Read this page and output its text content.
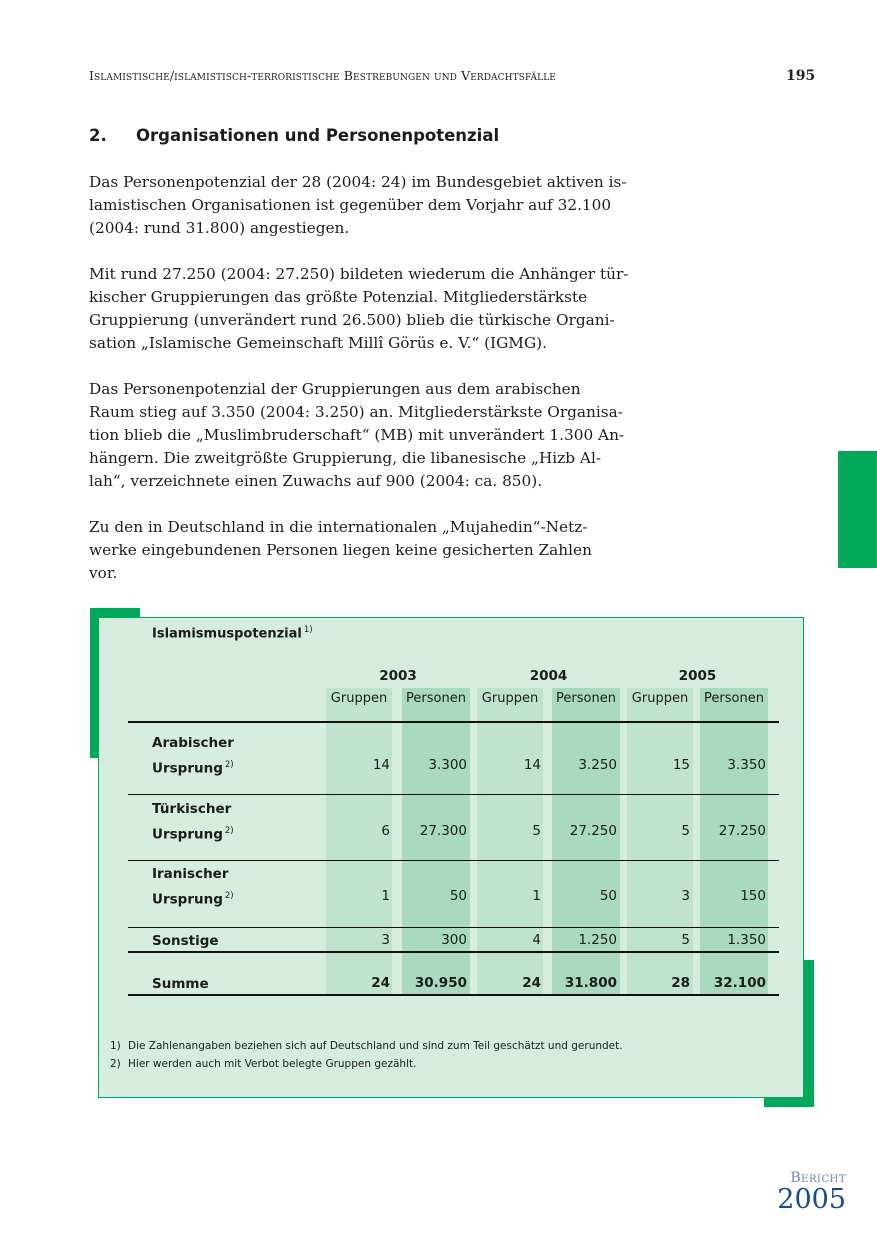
Islamistische/islamistisch-terroristische Bestrebungen und Verdachtsfälle	195
2. Organisationen und Personenpotenzial

Das Personenpotenzial der 28 (2004: 24) im Bundesgebiet aktiven is-
lamistischen Organisationen ist gegenüber dem Vorjahr auf 32.100
(2004: rund 31.800) angestiegen.

Mit rund 27.250 (2004: 27.250) bildeten wiederum die Anhänger tür-
kischer Gruppierungen das größte Potenzial. Mitgliederstärkste
Gruppierung (unverändert rund 26.500) blieb die türkische Organi-
sation „Islamische Gemeinschaft Millî Görüs e. V.“ (IGMG).

Das Personenpotenzial der Gruppierungen aus dem arabischen
Raum stieg auf 3.350 (2004: 3.250) an. Mitgliederstärkste Organisa-
tion blieb die „Muslimbruderschaft“ (MB) mit unverändert 1.300 An-
hängern. Die zweitgrößte Gruppierung, die libanesische „Hizb Al-
lah“, verzeichnete einen Zuwachs auf 900 (2004: ca. 850).

Zu den in Deutschland in die internationalen „Mujahedin“-Netz-
werke eingebundenen Personen liegen keine gesicherten Zahlen
vor.

Islamismuspotenzial $^{1)}$
2003	2004	2005
Gruppen	Personen	Gruppen	Personen	Gruppen	Personen
Arabischer
Ursprung $^{2)}$	14	3.300	14	3.250	15	3.350
Türkischer
Ursprung $^{2)}$	6	27.300	5	27.250	5	27.250
Iranischer
Ursprung $^{2)}$	1	50	1	50	3	150
Sonstige	3	300	4	1.250	5	1.350
Summe	24	30.950	24	31.800	28	32.100
1) Die Zahlenangaben beziehen sich auf Deutschland und sind zum Teil geschätzt und gerundet.
2) Hier werden auch mit Verbot belegte Gruppen gezählt.
Bericht
2005
